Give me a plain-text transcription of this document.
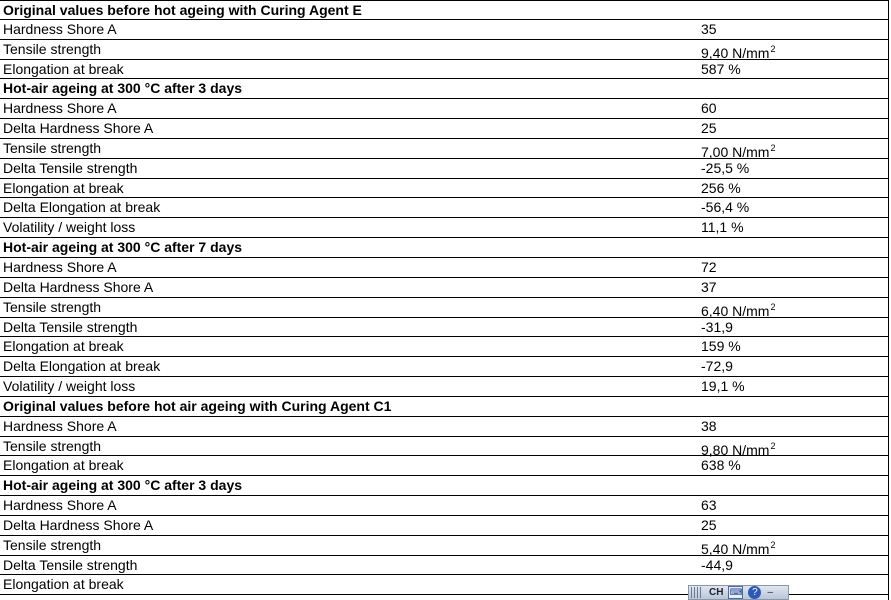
Original values before hot ageing with Curing Agent E
Hardness Shore A	35
Tensile strength	9,40 $N/mm^2$
Elongation at break	587 %
Hot-air ageing at 300 °C after 3 days
Hardness Shore A	60
Delta Hardness Shore A	25
Tensile strength	7,00 $N/mm^2$
Delta Tensile strength	-25,5 %
Elongation at break	256 %
Delta Elongation at break	-56,4 %
Volatility / weight loss	11,1 %
Hot-air ageing at 300 °C after 7 days
Hardness Shore A	72
Delta Hardness Shore A	37
Tensile strength	6,40 $N/mm^2$
Delta Tensile strength	-31,9
Elongation at break	159 %
Delta Elongation at break	-72,9
Volatility / weight loss	19,1 %
Original values before hot air ageing with Curing Agent C1
Hardness Shore A	38
Tensile strength	9,80 $N/mm^2$
Elongation at break	638 %
Hot-air ageing at 300 °C after 3 days
Hardness Shore A	63
Delta Hardness Shore A	25
Tensile strength	5,40 $N/mm^2$
Delta Tensile strength	-44,9
Elongation at break
CH ⌨ ? –
